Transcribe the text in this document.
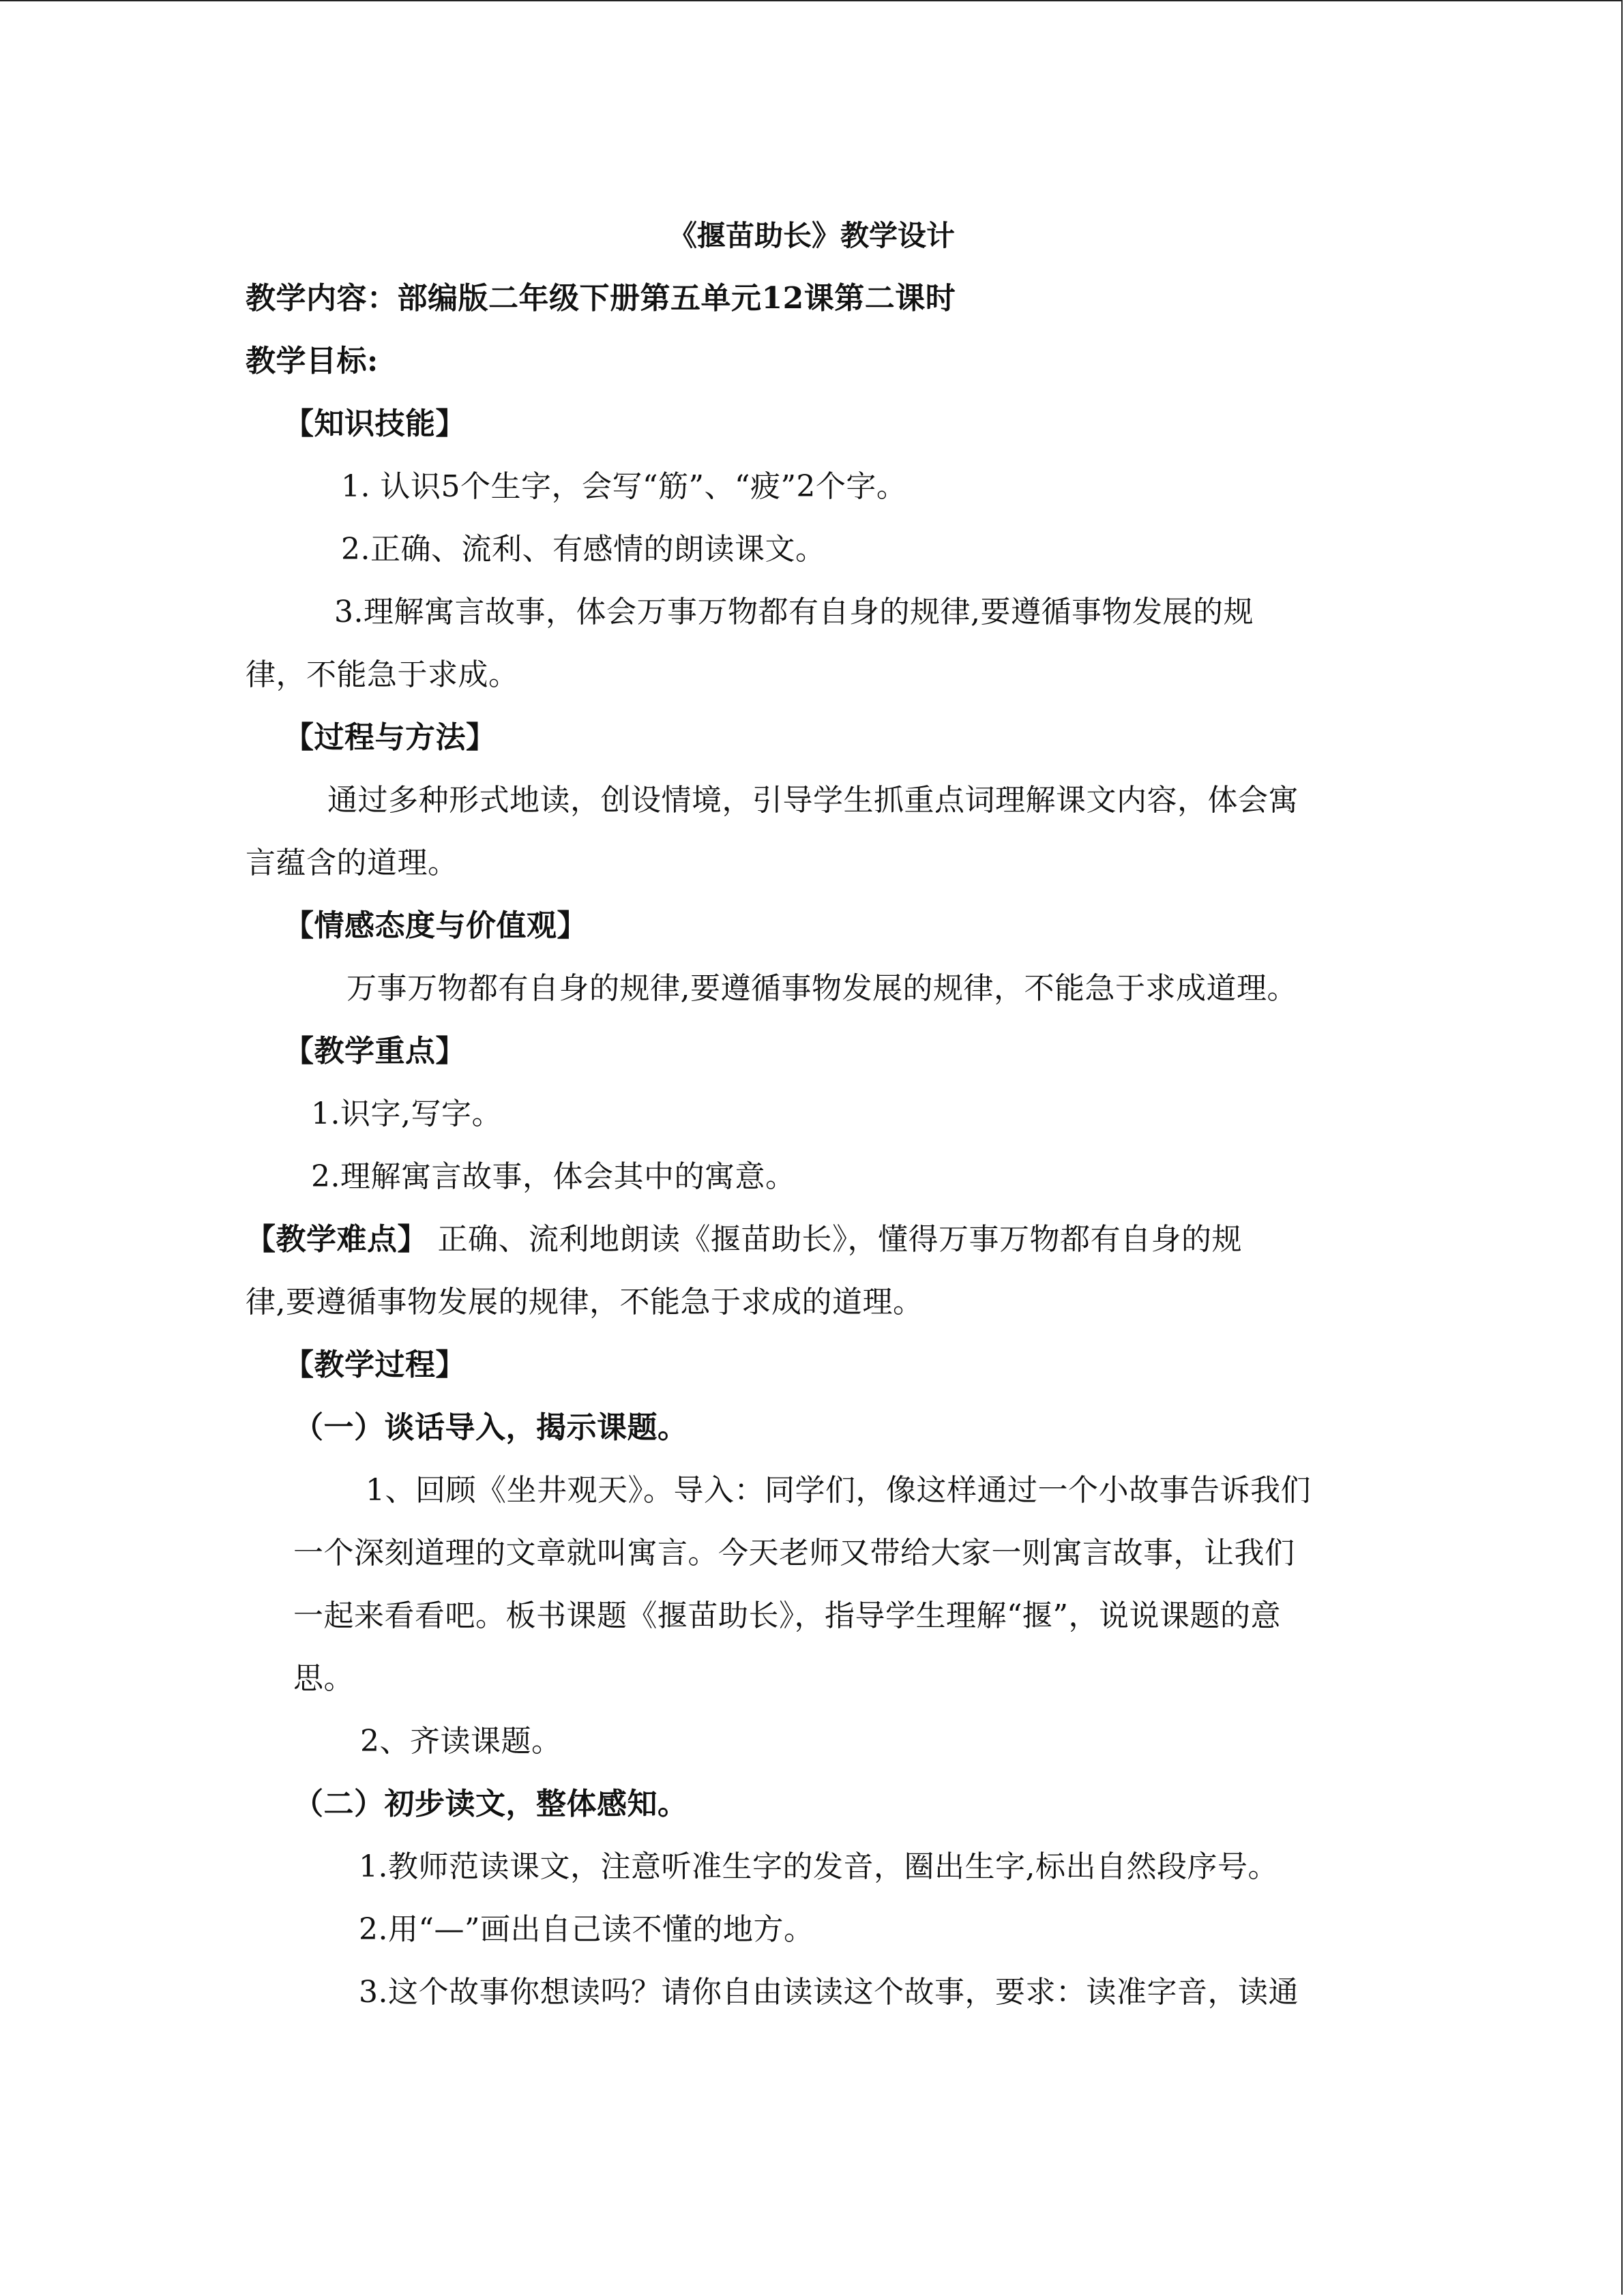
《揠苗助长》教学设计
教学内容：部编版二年级下册第五单元12课第二课时
教学目标:
【知识技能】
1. 认识5个生字，会写“筋”、“疲”2个字。
2.正确、流利、有感情的朗读课文。
3.理解寓言故事，体会万事万物都有自身的规律,要遵循事物发展的规
律，不能急于求成。
【过程与方法】
通过多种形式地读，创设情境，引导学生抓重点词理解课文内容，体会寓
言蕴含的道理。
【情感态度与价值观】
万事万物都有自身的规律,要遵循事物发展的规律，不能急于求成道理。
【教学重点】
1.识字,写字。
2.理解寓言故事，体会其中的寓意。
【教学难点】 正确、流利地朗读《揠苗助长》，懂得万事万物都有自身的规
律,要遵循事物发展的规律，不能急于求成的道理。
【教学过程】
（一）谈话导入，揭示课题。
1、回顾《坐井观天》。导入：同学们，像这样通过一个小故事告诉我们
一个深刻道理的文章就叫寓言。今天老师又带给大家一则寓言故事，让我们
一起来看看吧。板书课题《揠苗助长》，指导学生理解“揠”，说说课题的意
思。
2、齐读课题。
（二）初步读文，整体感知。
1.教师范读课文，注意听准生字的发音，圈出生字,标出自然段序号。
2.用“—”画出自己读不懂的地方。
3.这个故事你想读吗？请你自由读读这个故事，要求：读准字音，读通
